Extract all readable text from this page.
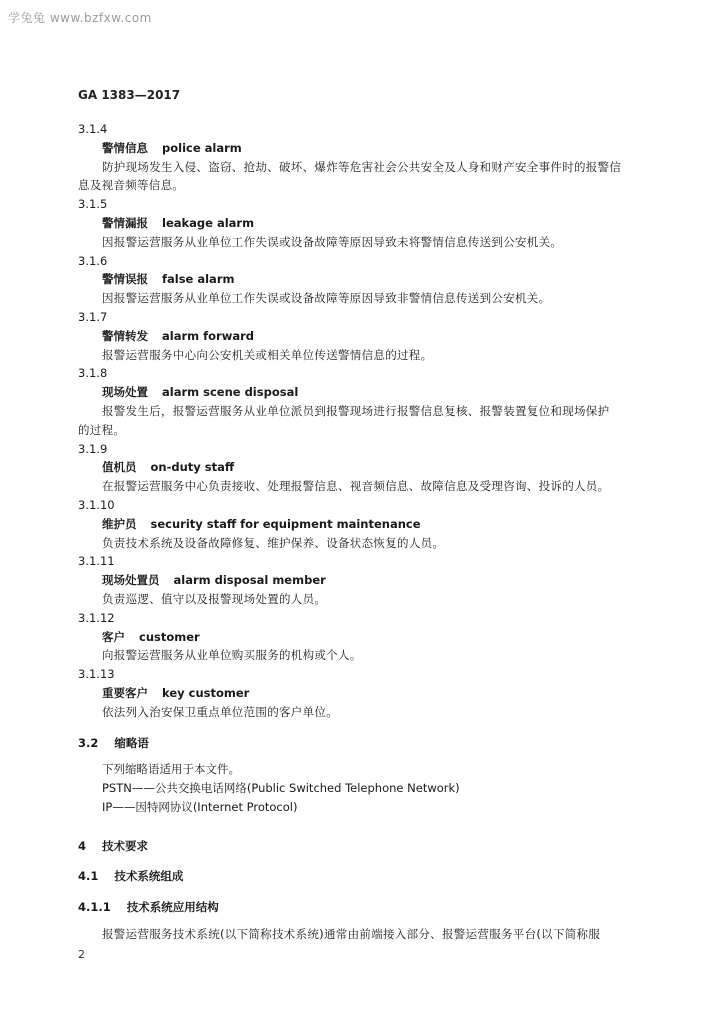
学兔兔 www.bzfxw.com
GA 1383—2017
3.1.4
警情信息 police alarm
防护现场发生入侵、盗窃、抢劫、破坏、爆炸等危害社会公共安全及人身和财产安全事件时的报警信
息及视音频等信息。
3.1.5
警情漏报 leakage alarm
因报警运营服务从业单位工作失误或设备故障等原因导致未将警情信息传送到公安机关。
3.1.6
警情误报 false alarm
因报警运营服务从业单位工作失误或设备故障等原因导致非警情信息传送到公安机关。
3.1.7
警情转发 alarm forward
报警运营服务中心向公安机关或相关单位传送警情信息的过程。
3.1.8
现场处置 alarm scene disposal
报警发生后，报警运营服务从业单位派员到报警现场进行报警信息复核、报警装置复位和现场保护
的过程。
3.1.9
值机员 on-duty staff
在报警运营服务中心负责接收、处理报警信息、视音频信息、故障信息及受理咨询、投诉的人员。
3.1.10
维护员 security staff for equipment maintenance
负责技术系统及设备故障修复、维护保养、设备状态恢复的人员。
3.1.11
现场处置员 alarm disposal member
负责巡逻、值守以及报警现场处置的人员。
3.1.12
客户 customer
向报警运营服务从业单位购买服务的机构或个人。
3.1.13
重要客户 key customer
依法列入治安保卫重点单位范围的客户单位。
3.2 缩略语
下列缩略语适用于本文件。
PSTN——公共交换电话网络(Public Switched Telephone Network)
IP——因特网协议(Internet Protocol)
4 技术要求
4.1 技术系统组成
4.1.1 技术系统应用结构
报警运营服务技术系统(以下简称技术系统)通常由前端接入部分、报警运营服务平台(以下简称服
2
